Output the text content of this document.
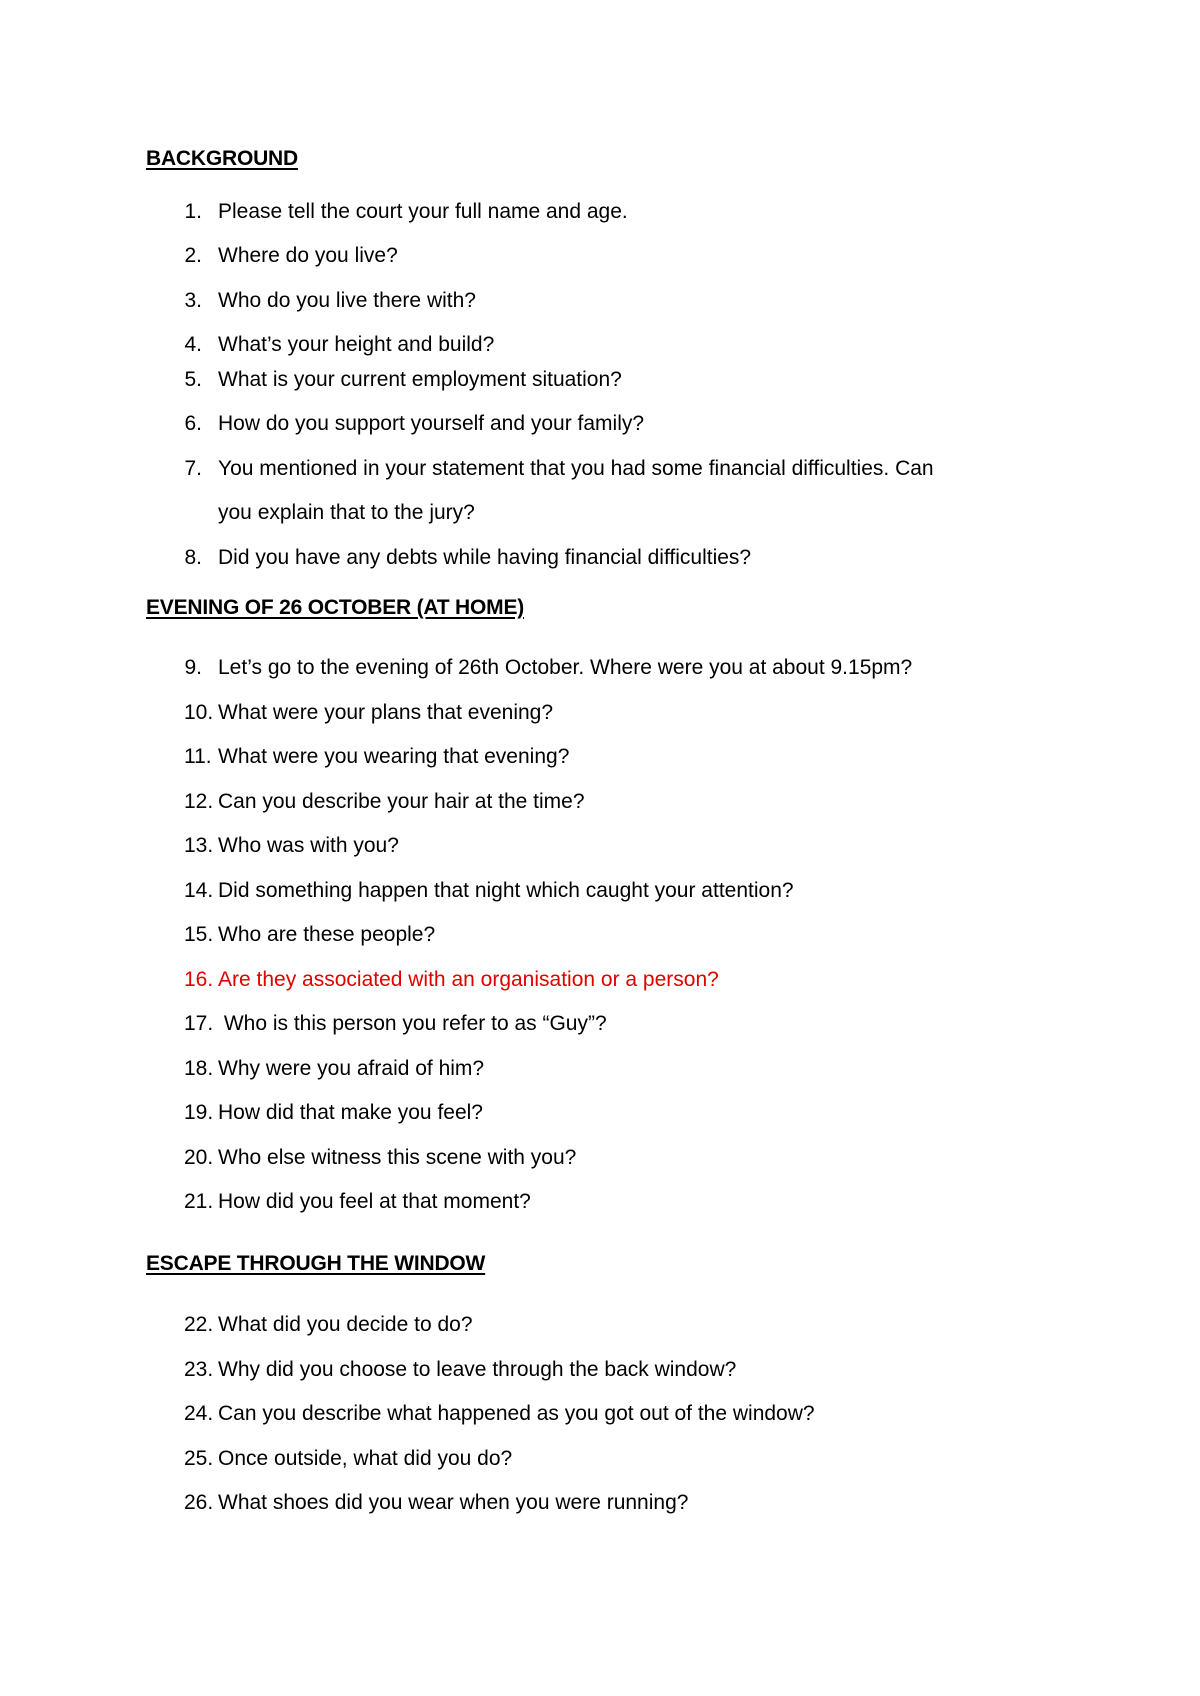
BACKGROUND
1. Please tell the court your full name and age.
2. Where do you live?
3. Who do you live there with?
4. What’s your height and build?
5. What is your current employment situation?
6. How do you support yourself and your family?
7. You mentioned in your statement that you had some financial difficulties. Can
you explain that to the jury?
8. Did you have any debts while having financial difficulties?
EVENING OF 26 OCTOBER (AT HOME)
9. Let’s go to the evening of 26th October. Where were you at about 9.15pm?
10. What were your plans that evening?
11. What were you wearing that evening?
12. Can you describe your hair at the time?
13. Who was with you?
14. Did something happen that night which caught your attention?
15. Who are these people?
16. Are they associated with an organisation or a person?
17. Who is this person you refer to as “Guy”?
18. Why were you afraid of him?
19. How did that make you feel?
20. Who else witness this scene with you?
21. How did you feel at that moment?
ESCAPE THROUGH THE WINDOW
22. What did you decide to do?
23. Why did you choose to leave through the back window?
24. Can you describe what happened as you got out of the window?
25. Once outside, what did you do?
26. What shoes did you wear when you were running?
